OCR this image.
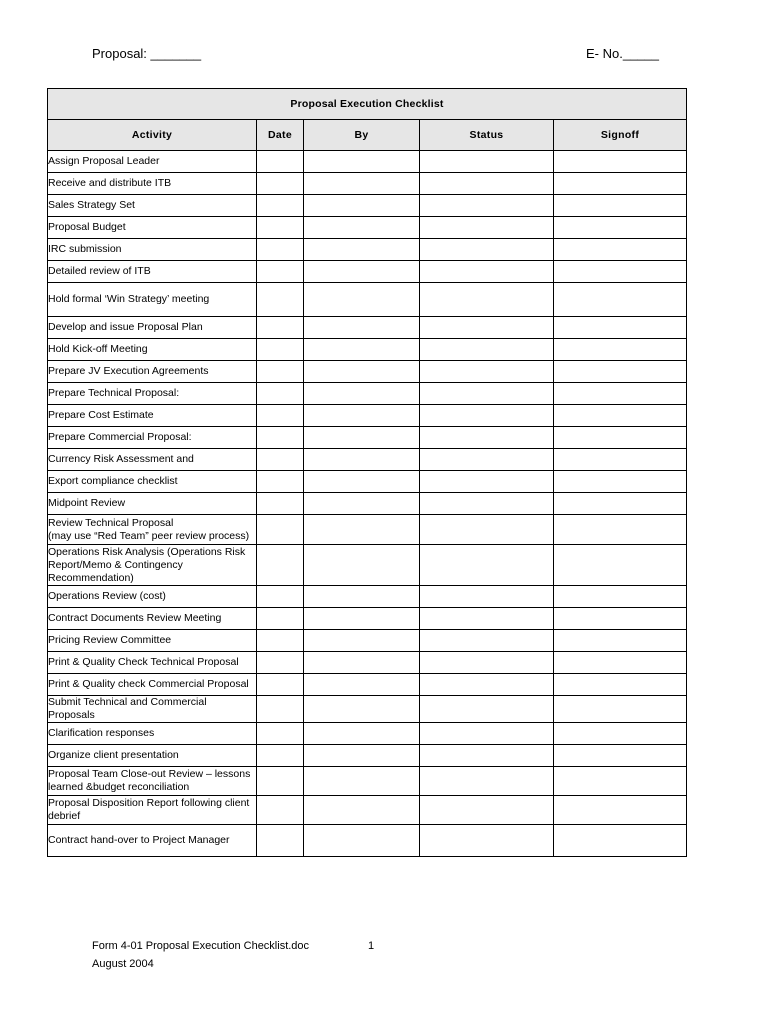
Proposal: _______	E- No._____
Proposal Execution Checklist				
Activity	Date	By	Status	Signoff

Assign Proposal Leader				

Receive and distribute ITB				

Sales Strategy Set				

Proposal Budget				

IRC submission				

Detailed review of ITB				

Hold formal ‘Win Strategy’ meeting				

Develop and issue Proposal Plan				

Hold Kick-off Meeting				

Prepare JV Execution Agreements				

Prepare Technical Proposal:				

Prepare Cost Estimate				

Prepare Commercial Proposal:				

Currency Risk Assessment and				

Export compliance checklist				

Midpoint Review				

Review Technical Proposal
(may use “Red Team” peer review process)				

Operations Risk Analysis (Operations Risk
Report/Memo & Contingency
Recommendation)				

Operations Review (cost)				

Contract Documents Review Meeting				

Pricing Review Committee				

Print & Quality Check Technical Proposal				

Print & Quality check Commercial Proposal				

Submit Technical and Commercial Proposals				

Clarification responses				

Organize client presentation				

Proposal Team Close-out Review – lessons
learned &budget reconciliation				

Proposal Disposition Report following client
debrief				

Contract hand-over to Project Manager				

Form 4-01 Proposal Execution Checklist.doc	1
August 2004
